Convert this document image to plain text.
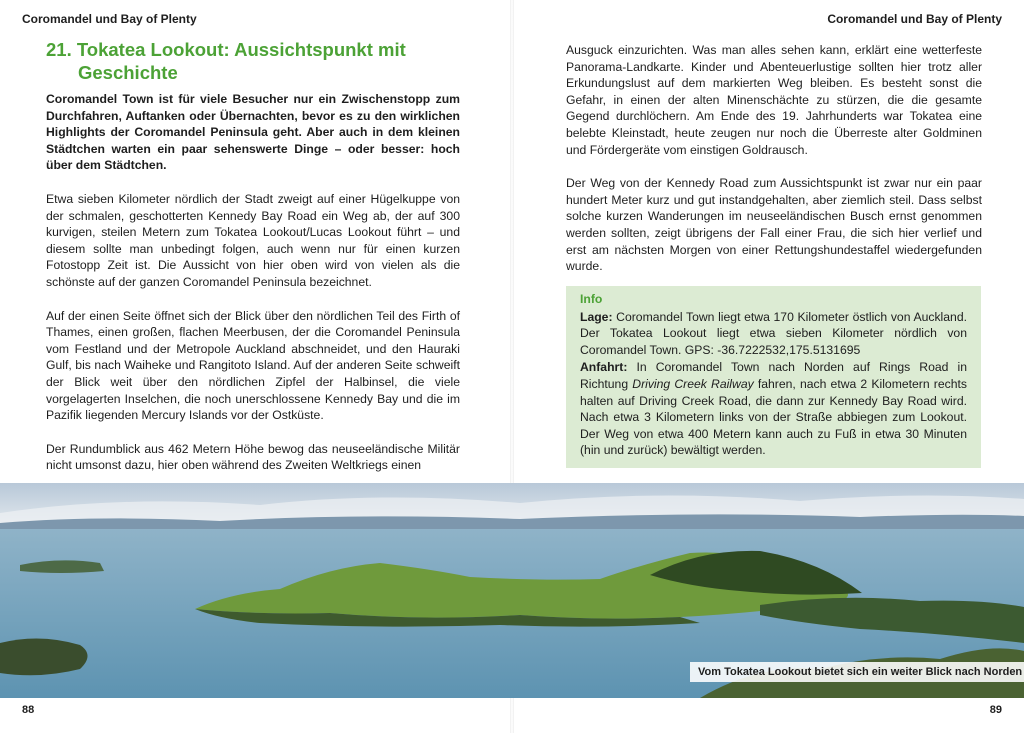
Coromandel und Bay of Plenty	Coromandel und Bay of Plenty
21. Tokatea Lookout: Aussichtspunkt mit Geschichte

Coromandel Town ist für viele Besucher nur ein Zwischenstopp zum Durchfahren, Auftanken oder Übernachten, bevor es zu den wirklichen Highlights der Coromandel Peninsula geht. Aber auch in dem kleinen Städtchen warten ein paar sehenswerte Dinge – oder besser: hoch über dem Städtchen.

Etwa sieben Kilometer nördlich der Stadt zweigt auf einer Hügelkuppe von der schmalen, geschotterten Kennedy Bay Road ein Weg ab, der auf 300 kurvigen, steilen Metern zum Tokatea Lookout/Lucas Lookout führt – und diesem sollte man unbedingt folgen, auch wenn nur für einen kurzen Fotostopp Zeit ist. Die Aussicht von hier oben wird von vielen als die schönste auf der ganzen Coromandel Peninsula bezeichnet.

Auf der einen Seite öffnet sich der Blick über den nördlichen Teil des Firth of Thames, einen großen, flachen Meerbusen, der die Coromandel Peninsula vom Festland und der Metropole Auckland abschneidet, und den Hauraki Gulf, bis nach Waiheke und Rangitoto Island. Auf der anderen Seite schweift der Blick weit über den nördlichen Zipfel der Halbinsel, die viele vorgelagerten Inselchen, die noch unerschlossene Kennedy Bay und die im Pazifik liegenden Mercury Islands vor der Ostküste.

Der Rundumblick aus 462 Metern Höhe bewog das neuseeländische Militär nicht umsonst dazu, hier oben während des Zweiten Weltkriegs einen

Ausguck einzurichten. Was man alles sehen kann, erklärt eine wetterfeste Panorama-Landkarte. Kinder und Abenteuerlustige sollten hier trotz aller Erkundungslust auf dem markierten Weg bleiben. Es besteht sonst die Gefahr, in einen der alten Minenschächte zu stürzen, die die gesamte Gegend durchlöchern. Am Ende des 19. Jahrhunderts war Tokatea eine belebte Kleinstadt, heute zeugen nur noch die Überreste alter Goldminen und Fördergeräte vom einstigen Goldrausch.

Der Weg von der Kennedy Road zum Aussichtspunkt ist zwar nur ein paar hundert Meter kurz und gut instandgehalten, aber ziemlich steil. Dass selbst solche kurzen Wanderungen im neuseeländischen Busch ernst genommen werden sollten, zeigt übrigens der Fall einer Frau, die sich hier verlief und erst am nächsten Morgen von einer Rettungshundestaffel wiedergefunden wurde.

Info

Lage: Coromandel Town liegt etwa 170 Kilometer östlich von Auckland. Der Tokatea Lookout liegt etwa sieben Kilometer nördlich von Coromandel Town. GPS: -36.7222532,175.5131695

Anfahrt: In Coromandel Town nach Norden auf Rings Road in Richtung Driving Creek Railway fahren, nach etwa 2 Kilometern rechts halten auf Driving Creek Road, die dann zur Kennedy Bay Road wird. Nach etwa 3 Kilometern links von der Straße abbiegen zum Lookout. Der Weg von etwa 400 Metern kann auch zu Fuß in etwa 30 Minuten (hin und zurück) bewältigt werden.

Vom Tokatea Lookout bietet sich ein weiter Blick nach Norden
88	89
